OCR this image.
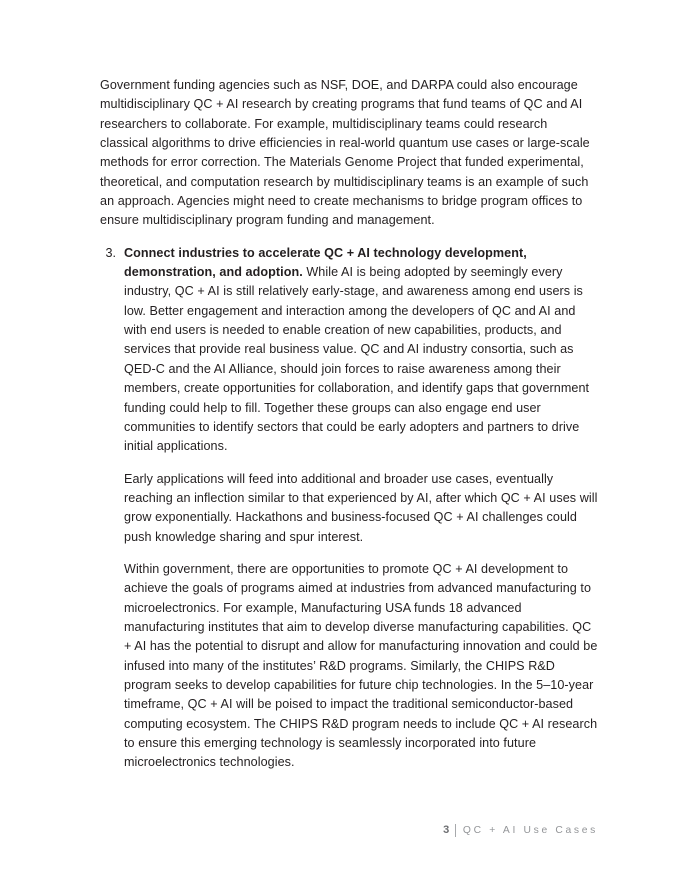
Government funding agencies such as NSF, DOE, and DARPA could also encourage multidisciplinary QC + AI research by creating programs that fund teams of QC and AI researchers to collaborate. For example, multidisciplinary teams could research classical algorithms to drive efficiencies in real-world quantum use cases or large-scale methods for error correction. The Materials Genome Project that funded experimental, theoretical, and computation research by multidisciplinary teams is an example of such an approach. Agencies might need to create mechanisms to bridge program offices to ensure multidisciplinary program funding and management.

3. Connect industries to accelerate QC + AI technology development, demonstration, and adoption. While AI is being adopted by seemingly every industry, QC + AI is still relatively early-stage, and awareness among end users is low. Better engagement and interaction among the developers of QC and AI and with end users is needed to enable creation of new capabilities, products, and services that provide real business value. QC and AI industry consortia, such as QED-C and the AI Alliance, should join forces to raise awareness among their members, create opportunities for collaboration, and identify gaps that government funding could help to fill. Together these groups can also engage end user communities to identify sectors that could be early adopters and partners to drive initial applications.

Early applications will feed into additional and broader use cases, eventually reaching an inflection similar to that experienced by AI, after which QC + AI uses will grow exponentially. Hackathons and business-focused QC + AI challenges could push knowledge sharing and spur interest.

Within government, there are opportunities to promote QC + AI development to achieve the goals of programs aimed at industries from advanced manufacturing to microelectronics. For example, Manufacturing USA funds 18 advanced manufacturing institutes that aim to develop diverse manufacturing capabilities. QC + AI has the potential to disrupt and allow for manufacturing innovation and could be infused into many of the institutes’ R&D programs. Similarly, the CHIPS R&D program seeks to develop capabilities for future chip technologies. In the 5–10-year timeframe, QC + AI will be poised to impact the traditional semiconductor-based computing ecosystem. The CHIPS R&D program needs to include QC + AI research to ensure this emerging technology is seamlessly incorporated into future microelectronics technologies.

3	QC + AI Use Cases
